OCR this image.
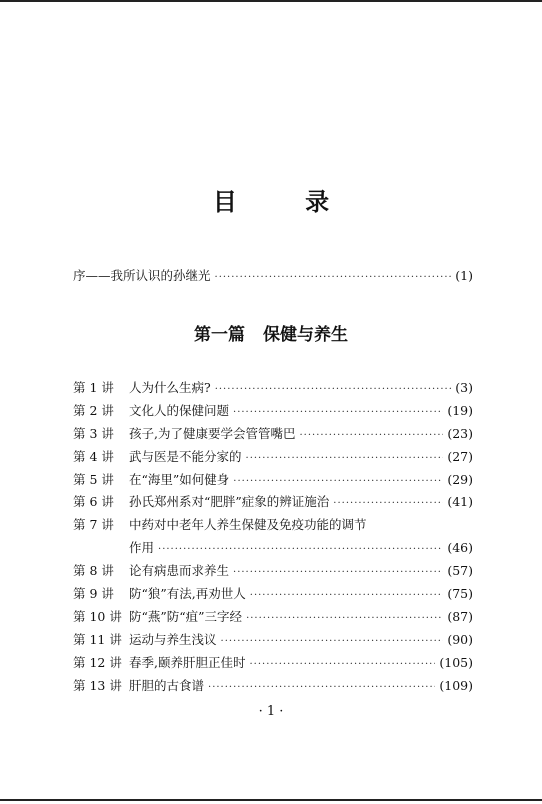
目 录
序——我所认识的孙继光 ·····	(1)
第一篇 保健与养生
第 1 讲	人为什么生病? ·····	(3)
第 2 讲	文化人的保健问题 ·····	(19)
第 3 讲	孩子,为了健康要学会管管嘴巴 ·····	(23)
第 4 讲	武与医是不能分家的 ·····	(27)
第 5 讲	在“海里”如何健身 ·····	(29)
第 6 讲	孙氏郑州系对“肥胖”症象的辨证施治 ·····	(41)
第 7 讲	中药对中老年人养生保健及免疫功能的调节
作用 ·····	(46)
第 8 讲	论有病患而求养生 ·····	(57)
第 9 讲	防“狼”有法,再劝世人 ·····	(75)
第 10 讲 防“燕”防“疽”三字经 ·····	(87)
第 11 讲 运动与养生浅议 ·····	(90)
第 12 讲 春季,颐养肝胆正佳时 ·····	(105)
第 13 讲 肝胆的古食谱 ·····	(109)
· 1 ·
